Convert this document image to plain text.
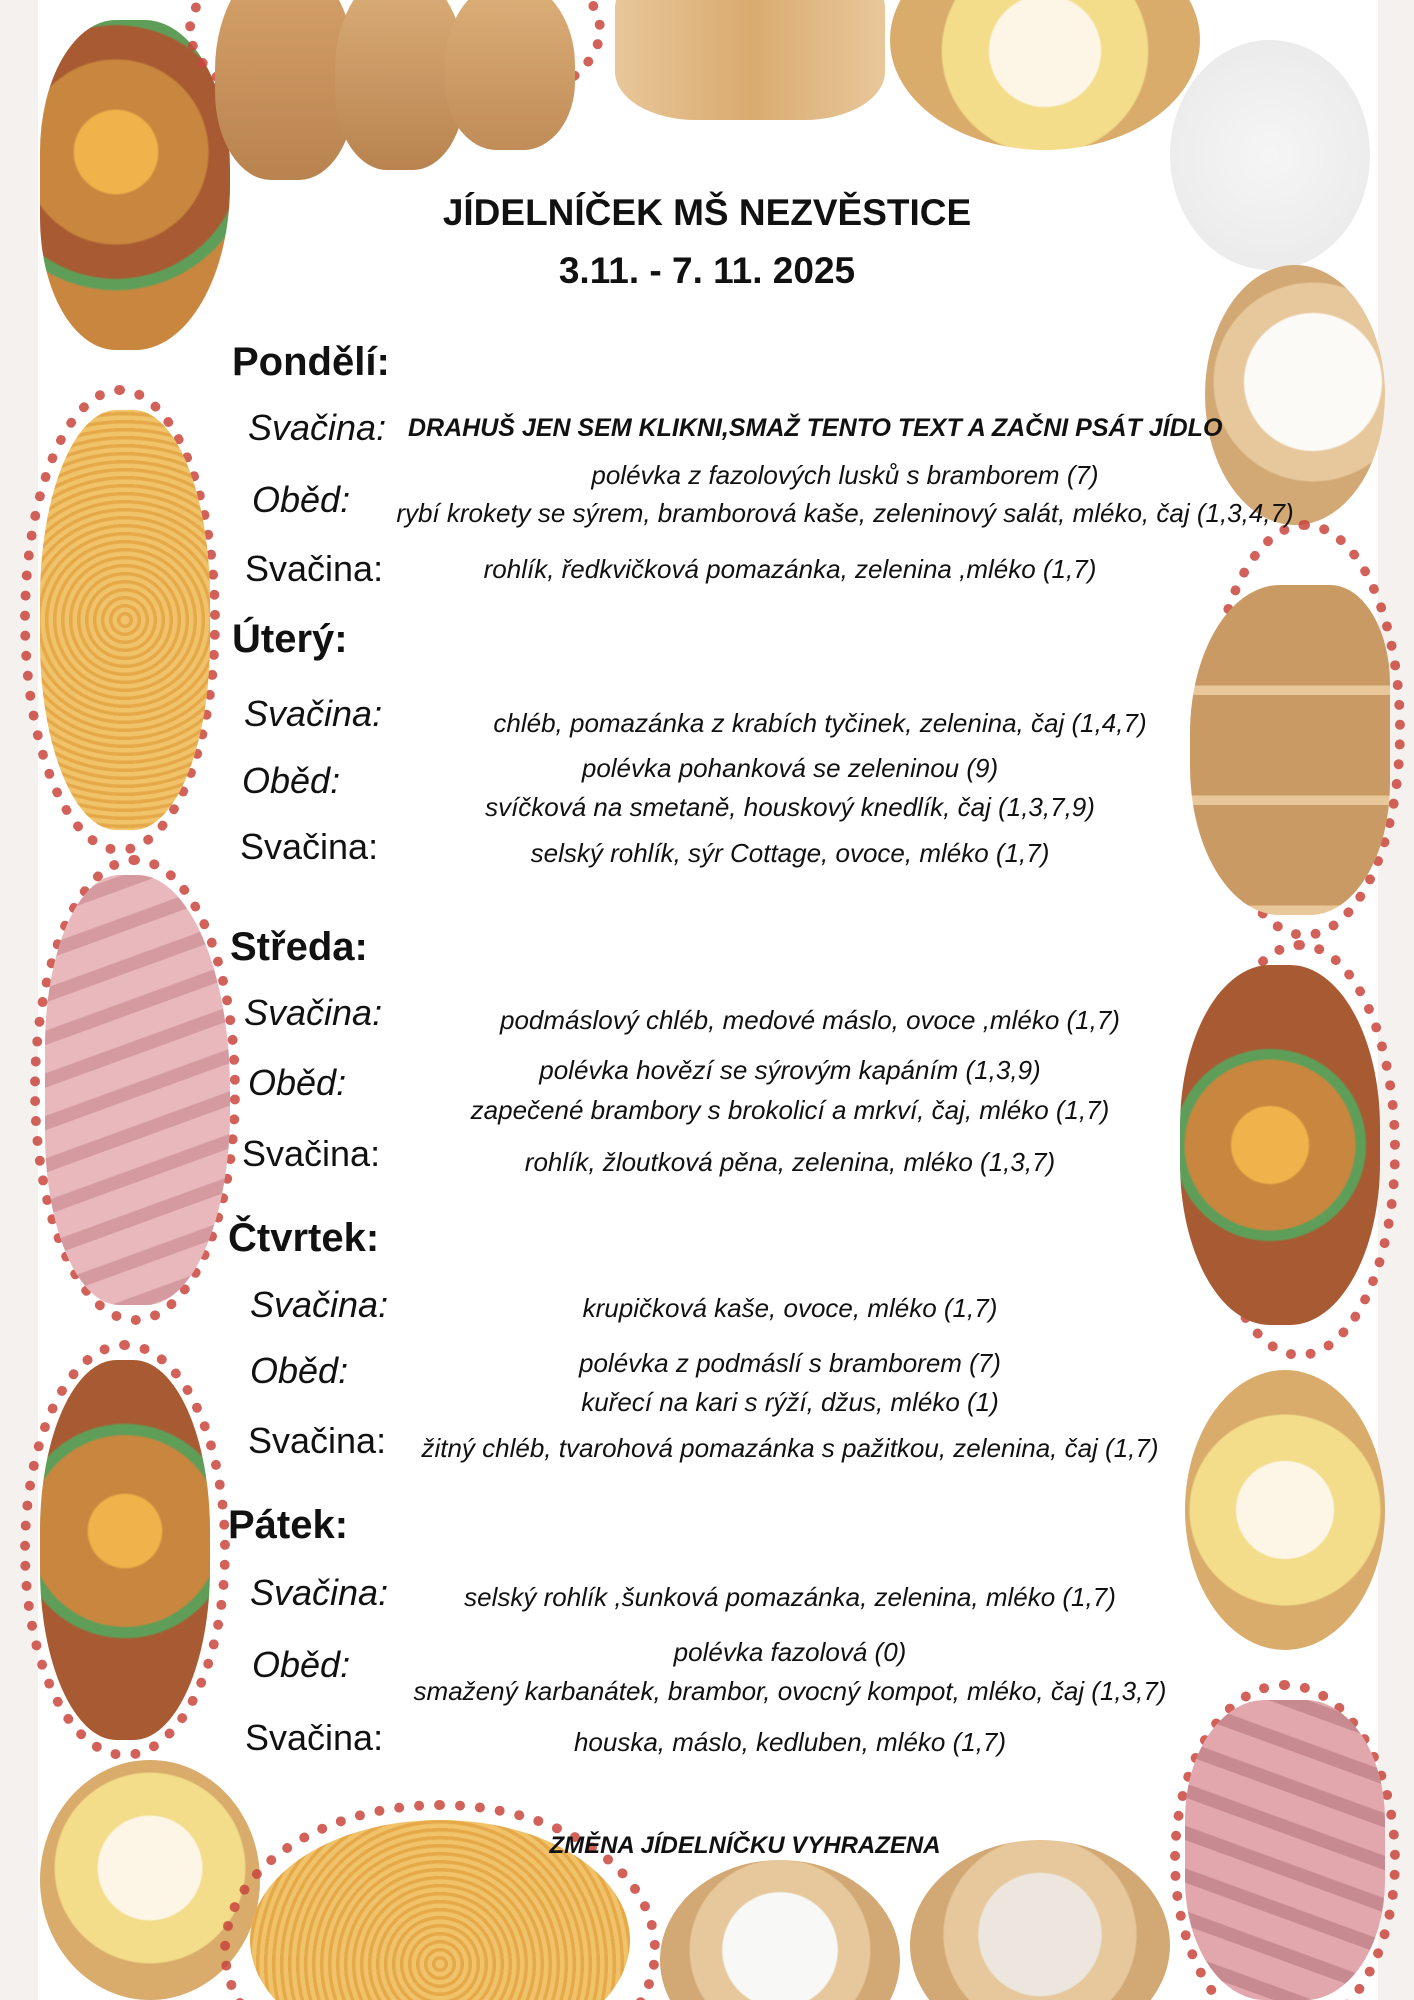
JÍDELNÍČEK MŠ NEZVĚSTICE
3.11. - 7. 11. 2025
Pondělí:
Svačina: DRAHUŠ JEN SEM KLIKNI,SMAŽ TENTO TEXT A ZAČNI PSÁT JÍDLO
Oběd:
polévka z fazolových lusků s bramborem (7)
rybí krokety se sýrem, bramborová kaše, zeleninový salát, mléko, čaj (1,3,4,7)
Svačina:	rohlík, ředkvičková pomazánka, zelenina ,mléko (1,7)
Úterý:
Svačina:	chléb, pomazánka z krabích tyčinek, zelenina, čaj (1,4,7)
Oběd:	polévka pohanková se zeleninou (9)
svíčková na smetaně, houskový knedlík, čaj (1,3,7,9)
Svačina:	selský rohlík, sýr Cottage, ovoce, mléko (1,7)
Středa:
Svačina:	podmáslový chléb, medové máslo, ovoce ,mléko (1,7)
Oběd:	polévka hovězí se sýrovým kapáním (1,3,9)
zapečené brambory s brokolicí a mrkví, čaj, mléko (1,7)
Svačina:	rohlík, žloutková pěna, zelenina, mléko (1,3,7)
Čtvrtek:
Svačina:	krupičková kaše, ovoce, mléko (1,7)
Oběd:	polévka z podmáslí s bramborem (7)
kuřecí na kari s rýží, džus, mléko (1)
Svačina:	žitný chléb, tvarohová pomazánka s pažitkou, zelenina, čaj (1,7)
Pátek:
Svačina:	selský rohlík ,šunková pomazánka, zelenina, mléko (1,7)
Oběd:	polévka fazolová (0)
smažený karbanátek, brambor, ovocný kompot, mléko, čaj (1,3,7)
Svačina:	houska, máslo, kedluben, mléko (1,7)
ZMĚNA JÍDELNÍČKU VYHRAZENA
